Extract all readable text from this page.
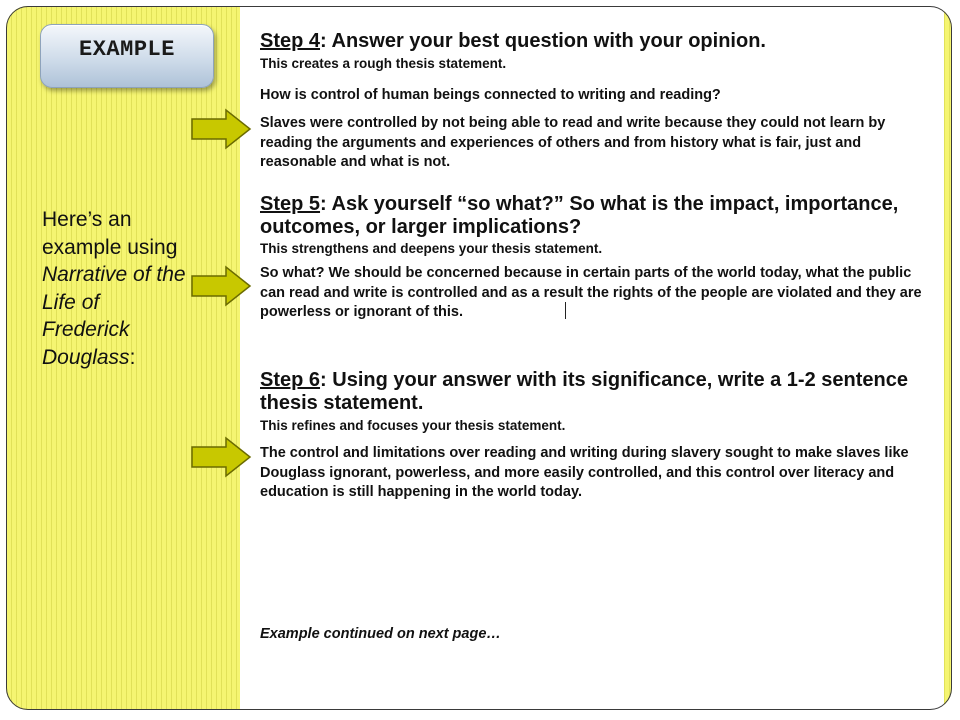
EXAMPLE
Here’s an example using Narrative of the Life of Frederick Douglass:
Step 4: Answer your best question with your opinion.
This creates a rough thesis statement.
How is control of human beings connected to writing and reading?
Slaves were controlled by not being able to read and write because they could not learn by reading the arguments and experiences of others and from history what is fair, just and reasonable and what is not.
Step 5: Ask yourself “so what?” So what is the impact, importance, outcomes, or larger implications?
This strengthens and deepens your thesis statement.
So what? We should be concerned because in certain parts of the world today, what the public can read and write is controlled and as a result the rights of the people are violated and they are powerless or ignorant of this.
Step 6: Using your answer with its significance, write a 1-2 sentence thesis statement.
This refines and focuses your thesis statement.
The control and limitations over reading and writing during slavery sought to make slaves like Douglass ignorant, powerless, and more easily controlled, and this control over literacy and education is still happening in the world today.
Example continued on next page…
